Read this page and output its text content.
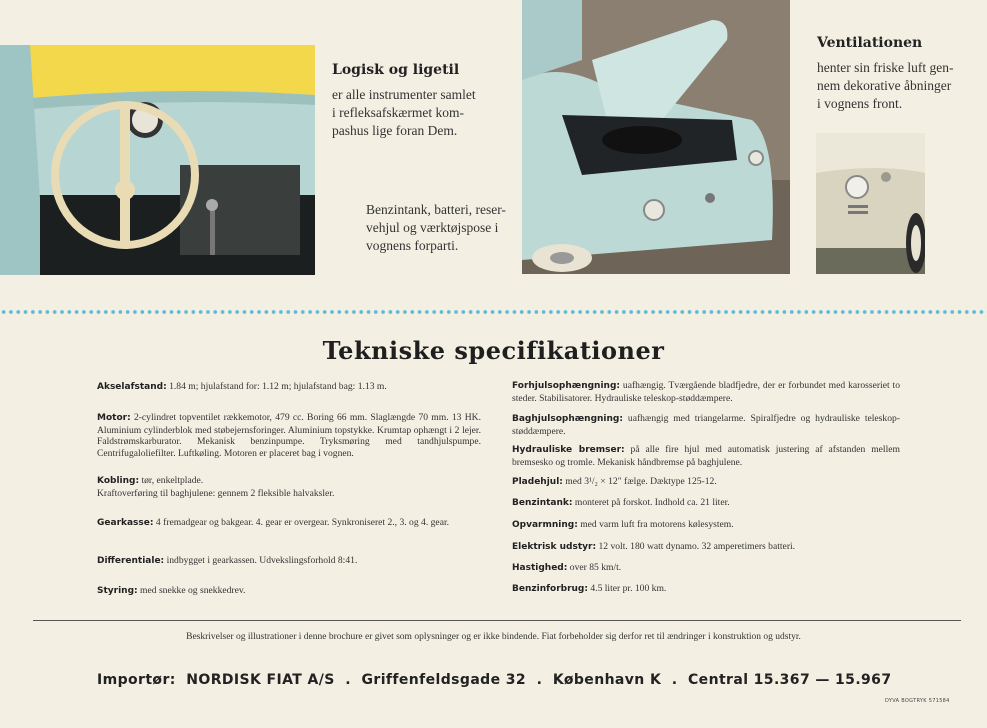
Logisk og ligetil
er alle instrumenter samlet
i refleksafskærmet kom-
pashus lige foran Dem.
Benzintank, batteri, reser-
vehjul og værktøjspose i
vognens forparti.
Ventilationen
henter sin friske luft gen-
nem dekorative åbninger
i vognens front.
Tekniske specifikationer
Akselafstand: 1.84 m; hjulafstand for: 1.12 m; hjulafstand bag: 1.13 m.
Motor: 2-cylindret topventilet rækkemotor, 479 cc. Boring 66 mm. Slaglængde 70 mm. 13 HK. Aluminium cylinderblok med støbejernsforinger. Aluminium topstykke. Krumtap ophængt i 2 lejer. Faldstrømskarburator. Mekanisk benzinpumpe. Tryksmøring med tandhjulspumpe. Centrifugaloliefilter. Luftkøling. Motoren er placeret bag i vognen.
Kobling: tør, enkeltplade.
Kraftoverføring til baghjulene: gennem 2 fleksible halvaksler.
Gearkasse: 4 fremadgear og bakgear. 4. gear er overgear. Synkroniseret 2., 3. og 4. gear.
Differentiale: indbygget i gearkassen. Udvekslingsforhold 8:41.
Styring: med snekke og snekkedrev.
Forhjulsophængning: uafhængig. Tværgående bladfjedre, der er forbundet med karosseriet to steder. Stabilisatorer. Hydrauliske teleskop-støddæmpere.
Baghjulsophængning: uafhængig med triangelarme. Spiralfjedre og hydrauliske teleskop-støddæmpere.
Hydrauliske bremser: på alle fire hjul med automatisk justering af afstanden mellem bremsesko og tromle. Mekanisk håndbremse på baghjulene.
Pladehjul: med 3¹/₂ × 12" fælge. Dæktype 125-12.
Benzintank: monteret på forskot. Indhold ca. 21 liter.
Opvarmning: med varm luft fra motorens kølesystem.
Elektrisk udstyr: 12 volt. 180 watt dynamo. 32 amperetimers batteri.
Hastighed: over 85 km/t.
Benzinforbrug: 4.5 liter pr. 100 km.
Beskrivelser og illustrationer i denne brochure er givet som oplysninger og er ikke bindende. Fiat forbeholder sig derfor ret til ændringer i konstruktion og udstyr.
Importør:  NORDISK FIAT A/S  .  Griffenfeldsgade 32  .  København K  .  Central 15.367 — 15.967
DYVA BOGTRYK 571584
